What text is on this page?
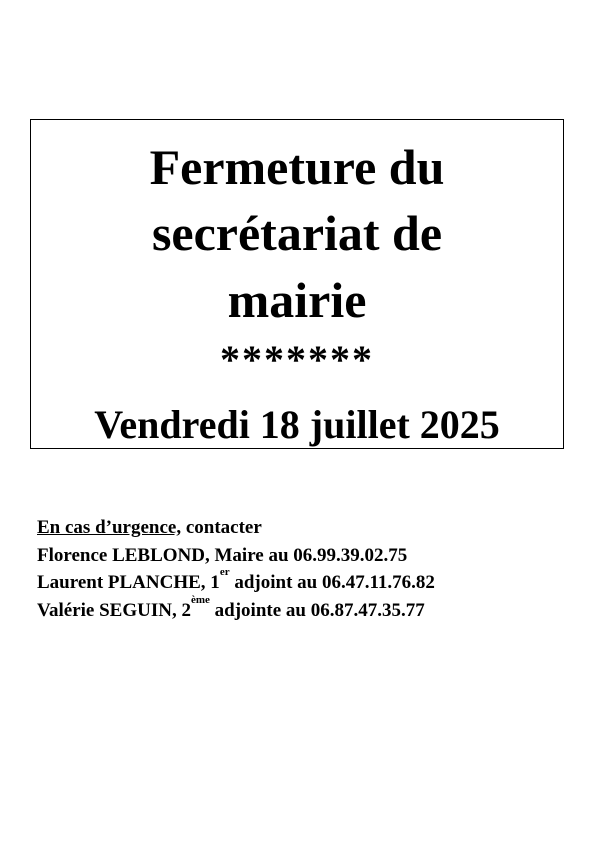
Fermeture du
secrétariat de
mairie
*******
Vendredi 18 juillet 2025
En cas d’urgence, contacter
Florence LEBLOND, Maire au 06.99.39.02.75
Laurent PLANCHE, 1er adjoint au 06.47.11.76.82
Valérie SEGUIN, 2ème adjointe au 06.87.47.35.77
